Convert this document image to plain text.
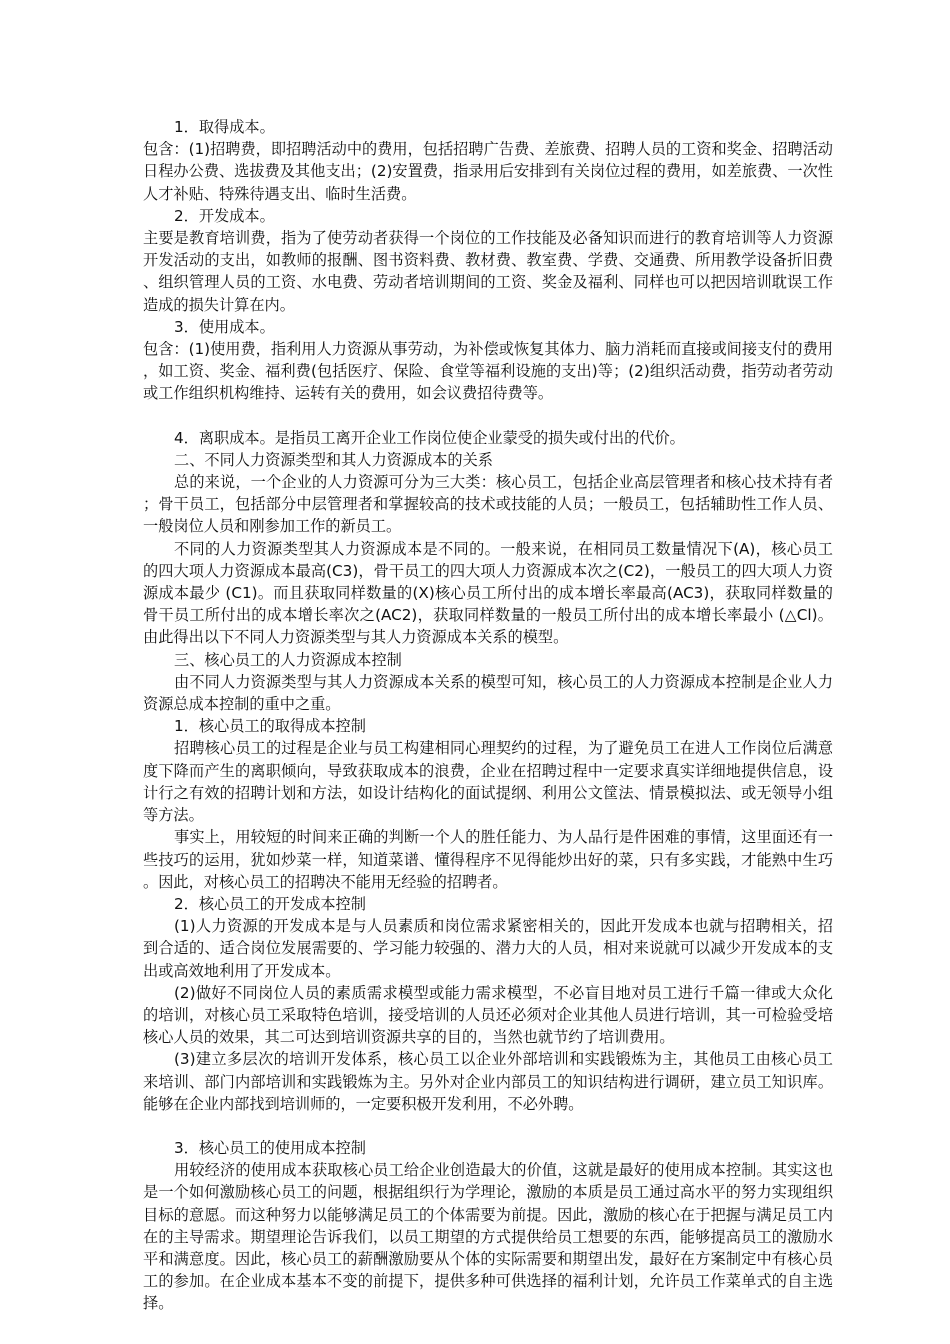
1．取得成本。

包含：(1)招聘费，即招聘活动中的费用，包括招聘广告费、差旅费、招聘人员的工资和奖金、招聘活动日程办公费、选拔费及其他支出；(2)安置费，指录用后安排到有关岗位过程的费用，如差旅费、一次性人才补贴、特殊待遇支出、临时生活费。

2．开发成本。

主要是教育培训费，指为了使劳动者获得一个岗位的工作技能及必备知识而进行的教育培训等人力资源开发活动的支出，如教师的报酬、图书资料费、教材费、教室费、学费、交通费、所用教学设备折旧费、组织管理人员的工资、水电费、劳动者培训期间的工资、奖金及福利、同样也可以把因培训耽误工作造成的损失计算在内。

3．使用成本。

包含：(1)使用费，指利用人力资源从事劳动，为补偿或恢复其体力、脑力消耗而直接或间接支付的费用，如工资、奖金、福利费(包括医疗、保险、食堂等福利设施的支出)等；(2)组织活动费，指劳动者劳动或工作组织机构维持、运转有关的费用，如会议费招待费等。

4．离职成本。是指员工离开企业工作岗位使企业蒙受的损失或付出的代价。

二、不同人力资源类型和其人力资源成本的关系

总的来说，一个企业的人力资源可分为三大类：核心员工，包括企业高层管理者和核心技术持有者；骨干员工，包括部分中层管理者和掌握较高的技术或技能的人员；一般员工，包括辅助性工作人员、一般岗位人员和刚参加工作的新员工。

不同的人力资源类型其人力资源成本是不同的。一般来说，在相同员工数量情况下(A)，核心员工的四大项人力资源成本最高(C3)，骨干员工的四大项人力资源成本次之(C2)，一般员工的四大项人力资源成本最少 (C1)。而且获取同样数量的(X)核心员工所付出的成本增长率最高(AC3)，获取同样数量的骨干员工所付出的成本增长率次之(AC2)，获取同样数量的一般员工所付出的成本增长率最小 (△Cl)。由此得出以下不同人力资源类型与其人力资源成本关系的模型。

三、核心员工的人力资源成本控制

由不同人力资源类型与其人力资源成本关系的模型可知，核心员工的人力资源成本控制是企业人力资源总成本控制的重中之重。

1．核心员工的取得成本控制

招聘核心员工的过程是企业与员工构建相同心理契约的过程，为了避免员工在进人工作岗位后满意度下降而产生的离职倾向，导致获取成本的浪费，企业在招聘过程中一定要求真实详细地提供信息，设计行之有效的招聘计划和方法，如设计结构化的面试提纲、利用公文筐法、情景模拟法、或无领导小组等方法。

事实上，用较短的时间来正确的判断一个人的胜任能力、为人品行是件困难的事情，这里面还有一些技巧的运用，犹如炒菜一样，知道菜谱、懂得程序不见得能炒出好的菜，只有多实践，才能熟中生巧。因此，对核心员工的招聘决不能用无经验的招聘者。

2．核心员工的开发成本控制

(1)人力资源的开发成本是与人员素质和岗位需求紧密相关的，因此开发成本也就与招聘相关，招到合适的、适合岗位发展需要的、学习能力较强的、潜力大的人员，相对来说就可以减少开发成本的支出或高效地利用了开发成本。

(2)做好不同岗位人员的素质需求模型或能力需求模型，不必盲目地对员工进行千篇一律或大众化的培训，对核心员工采取特色培训，接受培训的人员还必须对企业其他人员进行培训，其一可检验受培核心人员的效果，其二可达到培训资源共享的目的，当然也就节约了培训费用。

(3)建立多层次的培训开发体系，核心员工以企业外部培训和实践锻炼为主，其他员工由核心员工来培训、部门内部培训和实践锻炼为主。另外对企业内部员工的知识结构进行调研，建立员工知识库。能够在企业内部找到培训师的，一定要积极开发利用，不必外聘。

3．核心员工的使用成本控制

用较经济的使用成本获取核心员工给企业创造最大的价值，这就是最好的使用成本控制。其实这也是一个如何激励核心员工的问题，根据组织行为学理论，激励的本质是员工通过高水平的努力实现组织目标的意愿。而这种努力以能够满足员工的个体需要为前提。因此，激励的核心在于把握与满足员工内在的主导需求。期望理论告诉我们，以员工期望的方式提供给员工想要的东西，能够提高员工的激励水平和满意度。因此，核心员工的薪酬激励要从个体的实际需要和期望出发，最好在方案制定中有核心员工的参加。在企业成本基本不变的前提下，提供多种可供选择的福利计划，允许员工作菜单式的自主选择。
